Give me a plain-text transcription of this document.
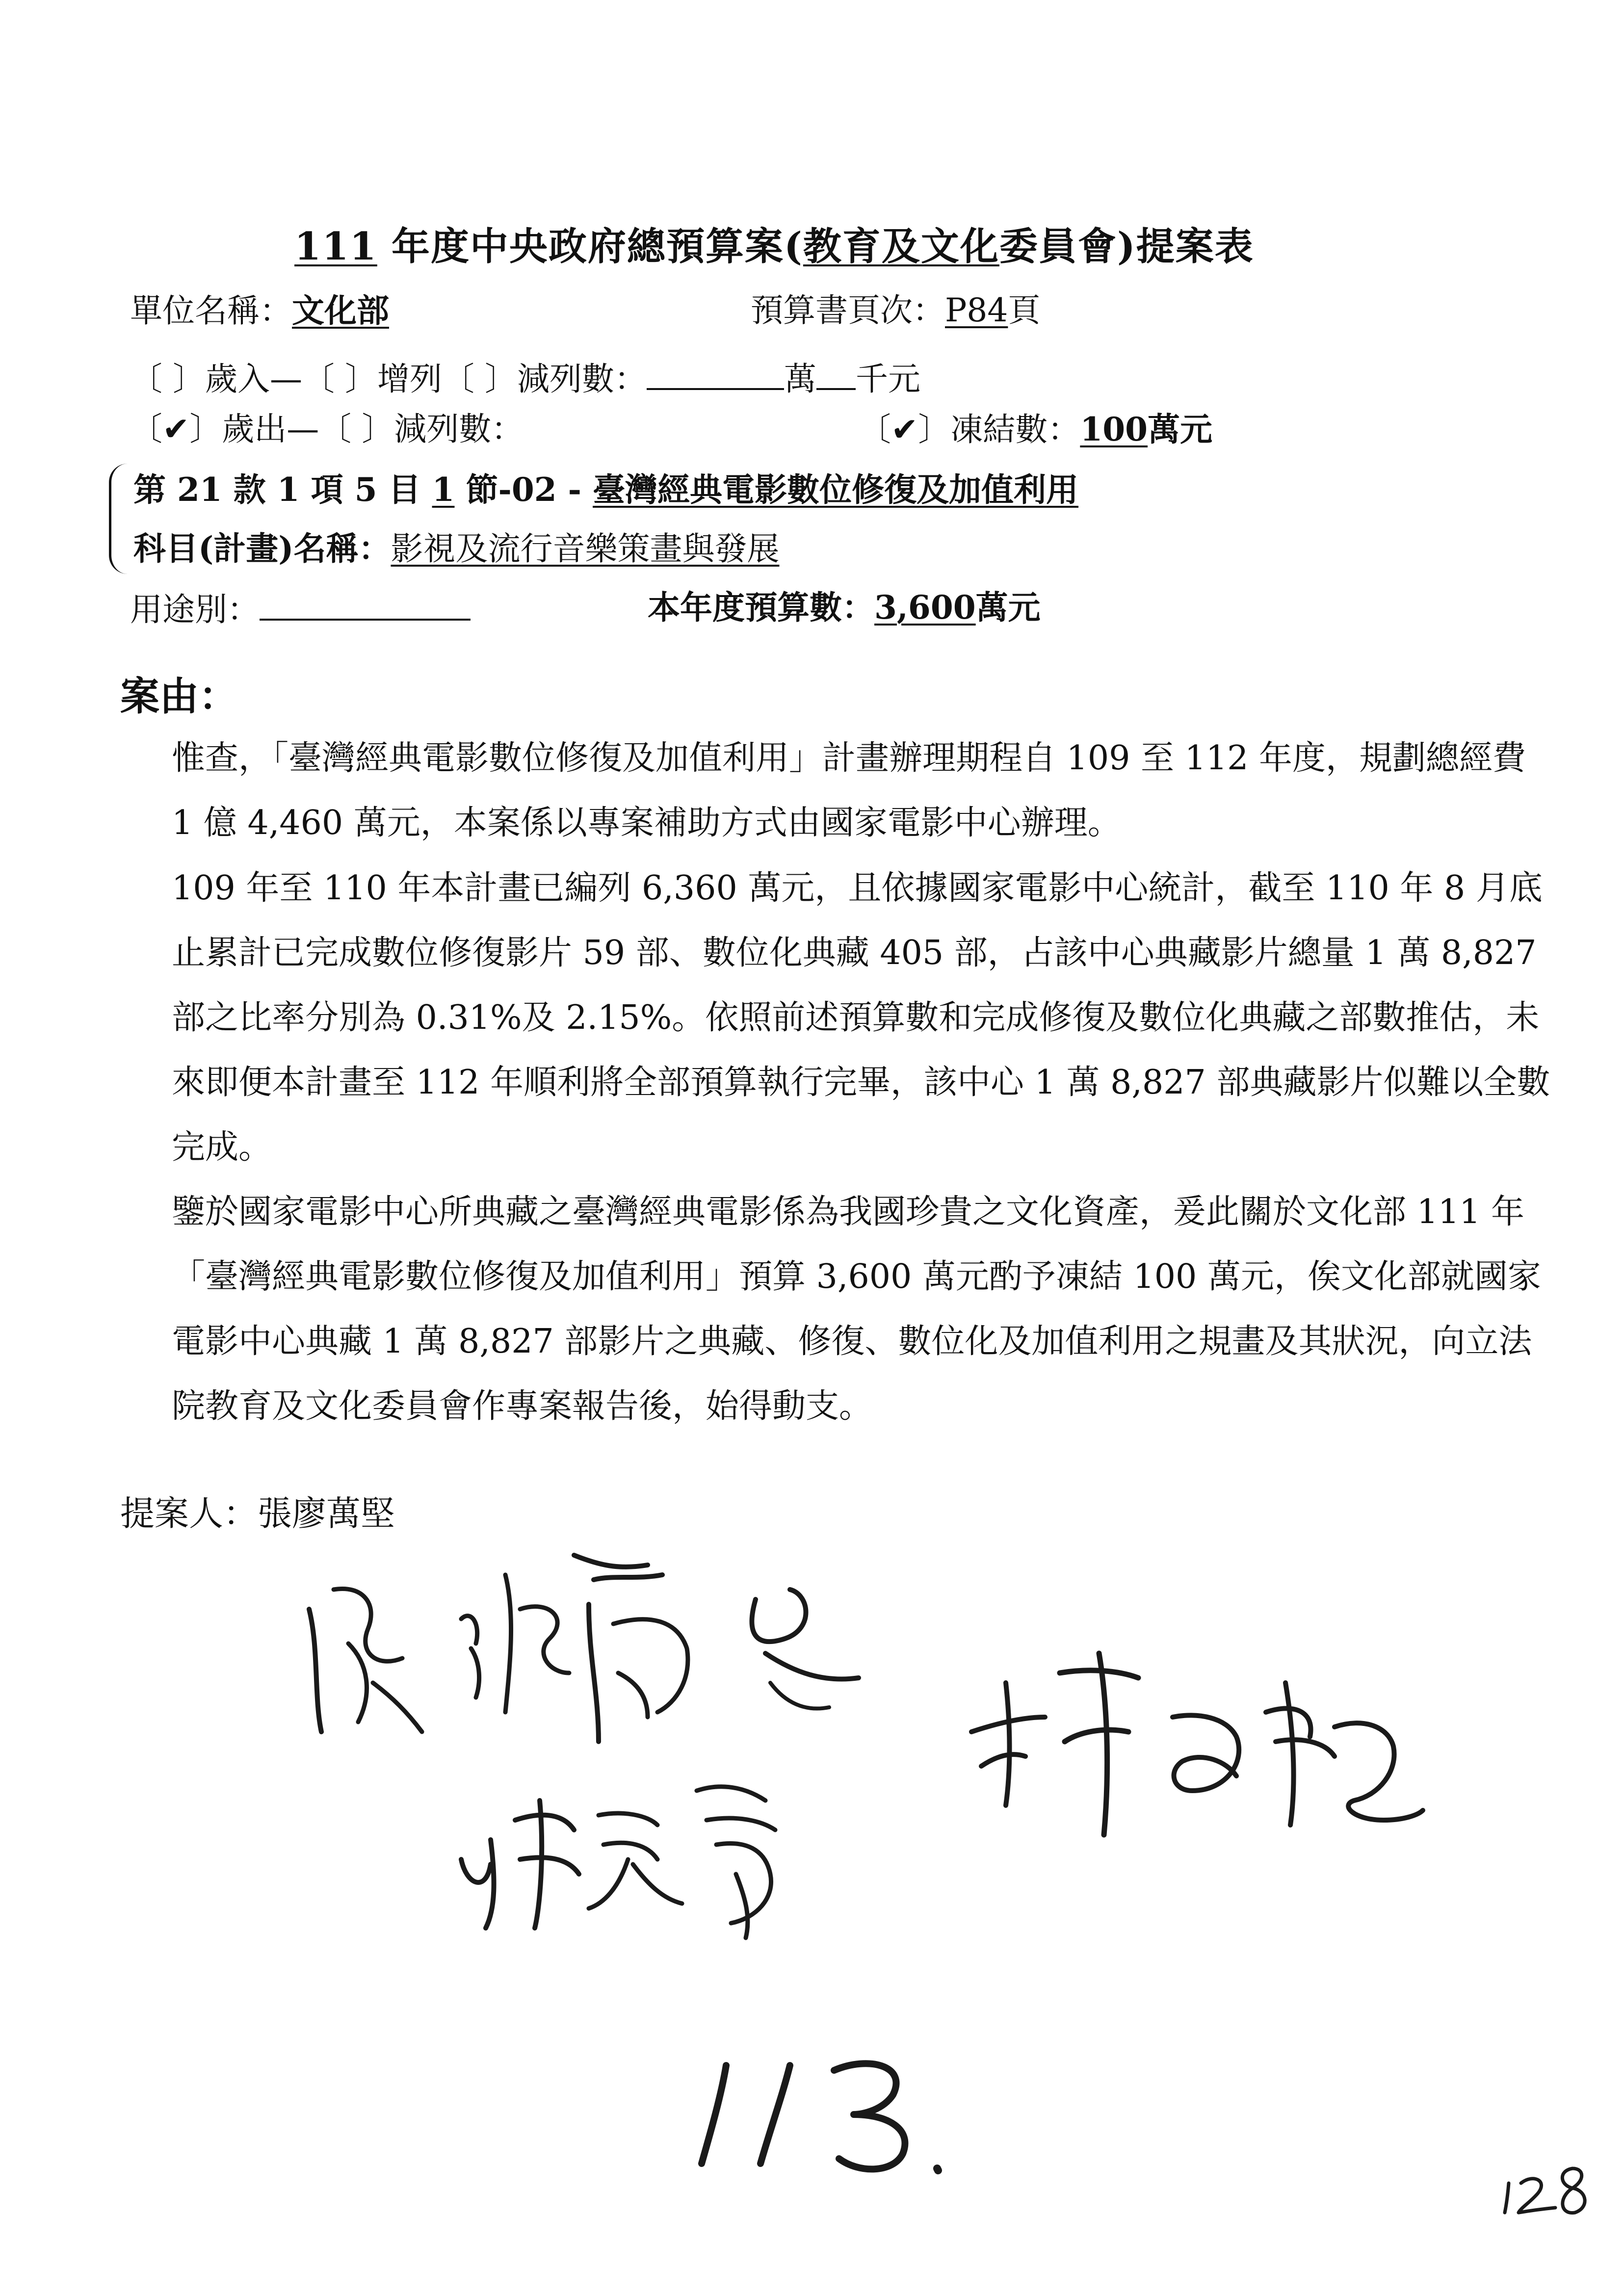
111 年度中央政府總預算案(教育及文化委員會)提案表
單位名稱：文化部	預算書頁次：P84頁
〔 〕歲入—〔 〕增列〔 〕減列數：	萬 千元
〔✔〕歲出—〔 〕減列數：	〔✔〕凍結數：100萬元
第 21 款 1 項 5 目 1 節-02 - 臺灣經典電影數位修復及加值利用
科目(計畫)名稱：影視及流行音樂策畫與發展
用途別：	本年度預算數：3,600萬元
案由：
惟查，「臺灣經典電影數位修復及加值利用」計畫辦理期程自 109 至 112 年度，規劃總經費 1 億 4,460 萬元，本案係以專案補助方式由國家電影中心辦理。
109 年至 110 年本計畫已編列 6,360 萬元，且依據國家電影中心統計，截至 110 年 8 月底止累計已完成數位修復影片 59 部、數位化典藏 405 部，占該中心典藏影片總量 1 萬 8,827 部之比率分別為 0.31%及 2.15%。依照前述預算數和完成修復及數位化典藏之部數推估，未來即便本計畫至 112 年順利將全部預算執行完畢，該中心 1 萬 8,827 部典藏影片似難以全數完成。
鑒於國家電影中心所典藏之臺灣經典電影係為我國珍貴之文化資產，爰此關於文化部 111 年「臺灣經典電影數位修復及加值利用」預算 3,600 萬元酌予凍結 100 萬元，俟文化部就國家電影中心典藏 1 萬 8,827 部影片之典藏、修復、數位化及加值利用之規畫及其狀況，向立法院教育及文化委員會作專案報告後，始得動支。
提案人：張廖萬堅
